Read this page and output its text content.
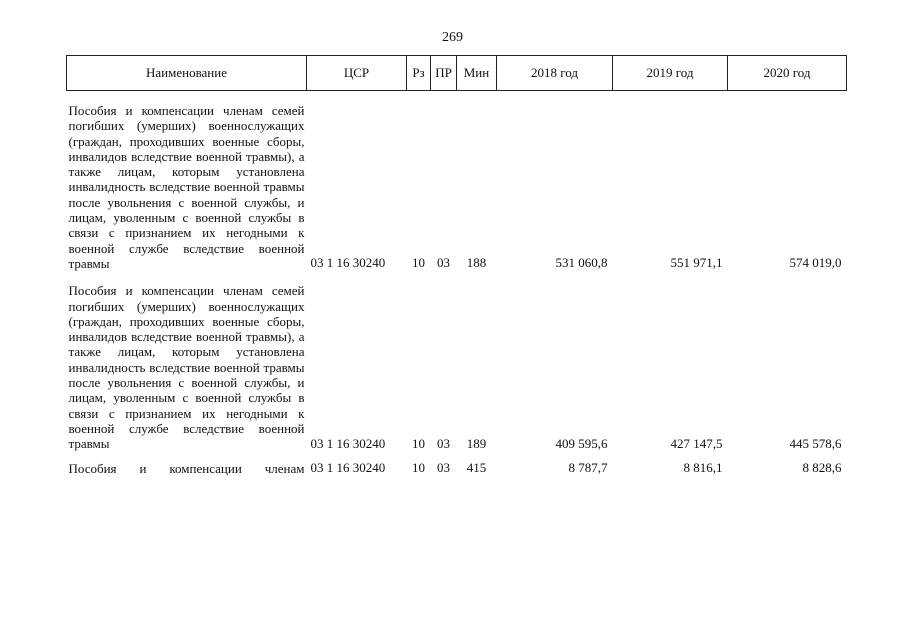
269
Наименование	ЦСР	Рз	ПР	Мин	2018 год	2019 год	2020 год
Пособия и компенсации членам семей погибших (умерших) военнослужащих (граждан, проходивших военные сборы, инвалидов вследствие военной травмы), а также лицам, которым установлена инвалидность вследствие военной травмы после увольнения с военной службы, и лицам, уволенным с военной службы в связи с признанием их негодными к военной службе вследствие военной травмы	03 1 16 30240	10	03	188	531 060,8	551 971,1	574 019,0
Пособия и компенсации членам семей погибших (умерших) военнослужащих (граждан, проходивших военные сборы, инвалидов вследствие военной травмы), а также лицам, которым установлена инвалидность вследствие военной травмы после увольнения с военной службы, и лицам, уволенным с военной службы в связи с признанием их негодными к военной службе вследствие военной травмы	03 1 16 30240	10	03	189	409 595,6	427 147,5	445 578,6
Пособия и компенсации членам	03 1 16 30240	10	03	415	8 787,7	8 816,1	8 828,6
